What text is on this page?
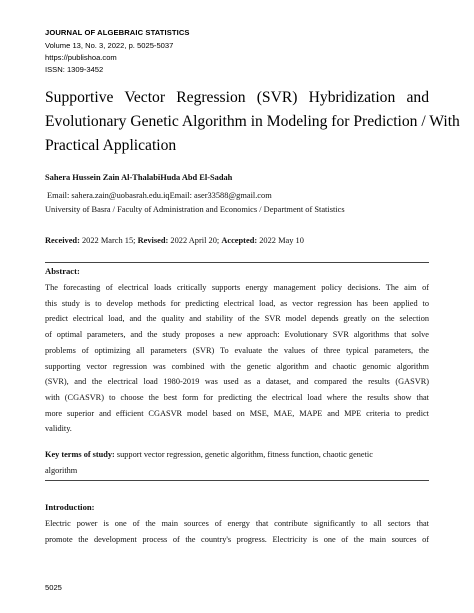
JOURNAL OF ALGEBRAIC STATISTICS
Volume 13, No. 3, 2022, p. 5025-5037
https://publishoa.com
ISSN: 1309-3452
Supportive Vector Regression (SVR) Hybridization and
Evolutionary Genetic Algorithm in Modeling for Prediction / With
Practical Application
Sahera Hussein Zain Al-ThalabiHuda Abd El-Sadah
Email: sahera.zain@uobasrah.edu.iqEmail: aser33588@gmail.com
University of Basra / Faculty of Administration and Economics / Department of Statistics
Received: 2022 March 15; Revised: 2022 April 20; Accepted: 2022 May 10
Abstract:
The forecasting of electrical loads critically supports energy management policy decisions. The aim of
this study is to develop methods for predicting electrical load, as vector regression has been applied to
predict electrical load, and the quality and stability of the SVR model depends greatly on the selection
of optimal parameters, and the study proposes a new approach: Evolutionary SVR algorithms that solve
problems of optimizing all parameters (SVR) To evaluate the values of three typical parameters, the
supporting vector regression was combined with the genetic algorithm and chaotic genomic algorithm
(SVR), and the electrical load 1980-2019 was used as a dataset, and compared the results (GASVR)
with (CGASVR) to choose the best form for predicting the electrical load where the results show that
more superior and efficient CGASVR model based on MSE, MAE, MAPE and MPE criteria to predict
validity.
Key terms of study: support vector regression, genetic algorithm, fitness function, chaotic genetic
algorithm
Introduction:
Electric power is one of the main sources of energy that contribute significantly to all sectors that
promote the development process of the country's progress. Electricity is one of the main sources of
5025
